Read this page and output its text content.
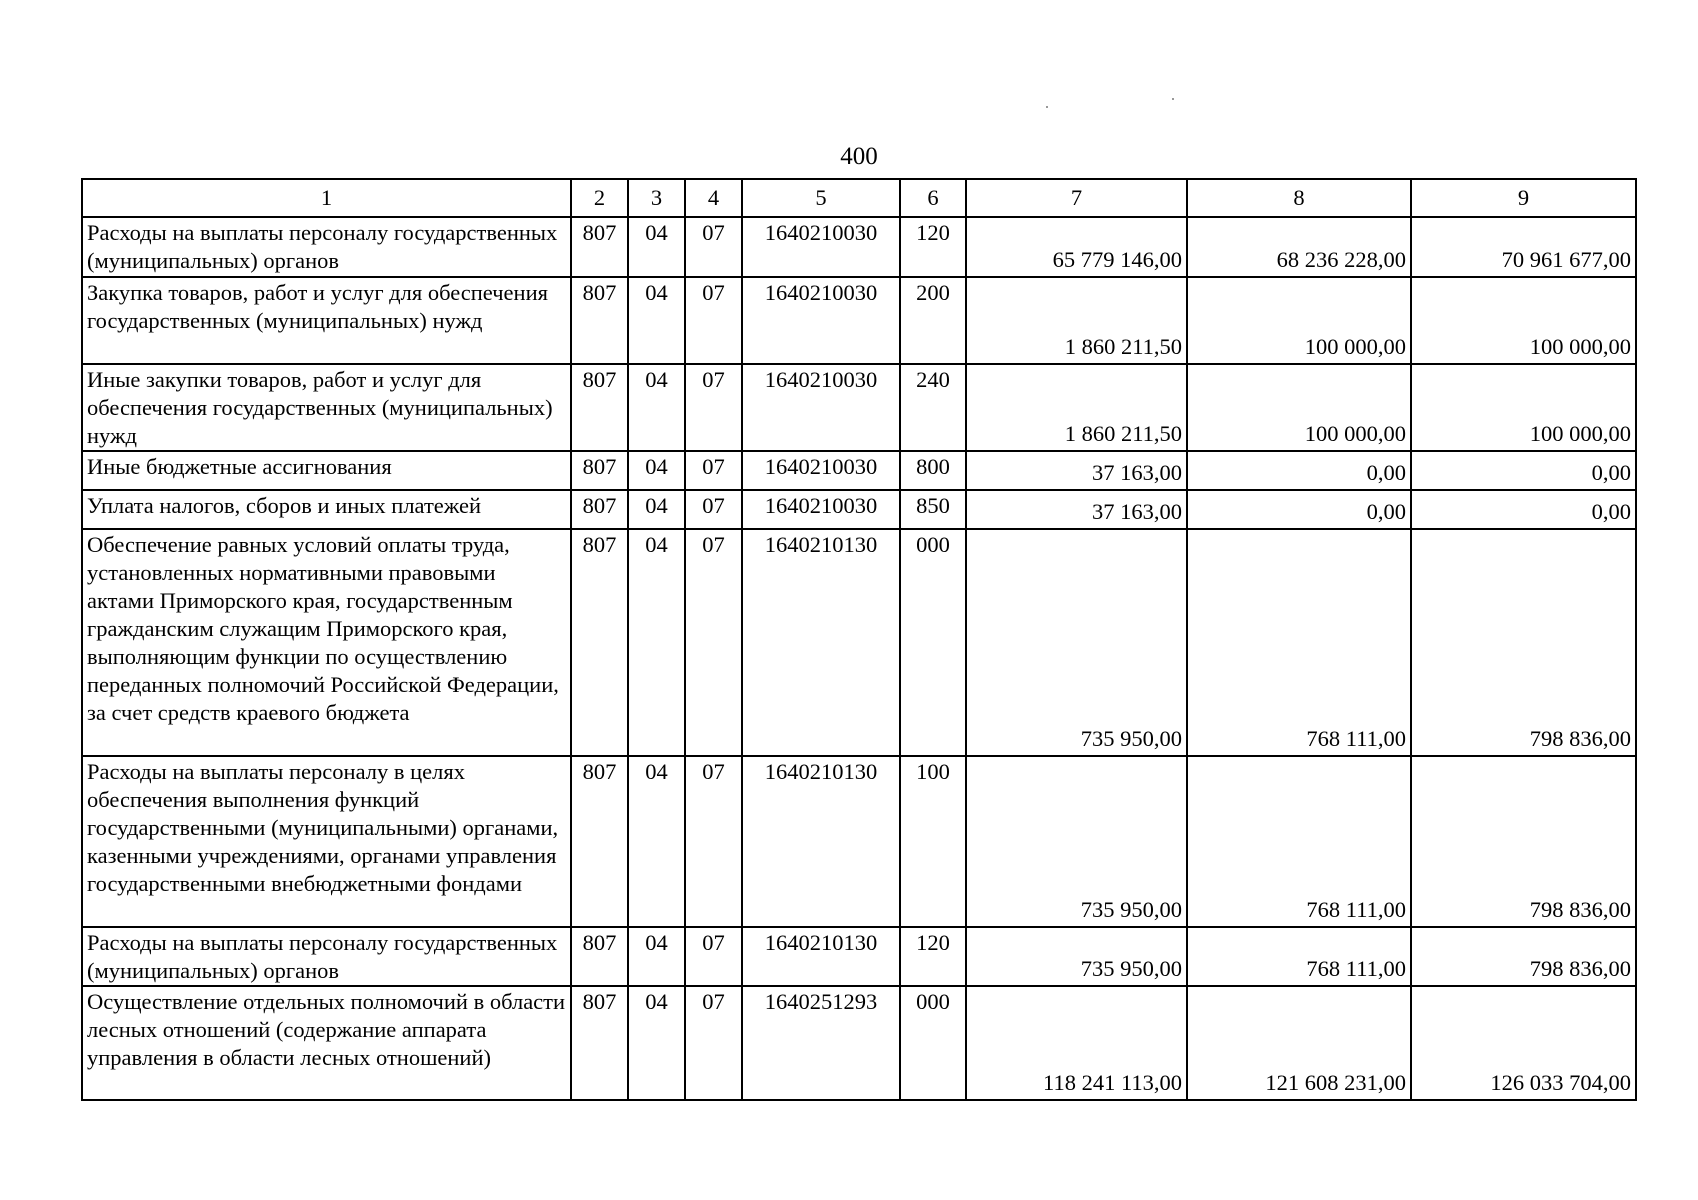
400
1	2	3	4	5	6	7	8	9
Расходы на выплаты персоналу государственных (муниципальных) органов	807	04	07	1640210030	120	65 779 146,00	68 236 228,00	70 961 677,00
Закупка товаров, работ и услуг для обеспечения государственных (муниципальных) нужд	807	04	07	1640210030	200	1 860 211,50	100 000,00	100 000,00
Иные закупки товаров, работ и услуг для обеспечения государственных (муниципальных) нужд	807	04	07	1640210030	240	1 860 211,50	100 000,00	100 000,00
Иные бюджетные ассигнования	807	04	07	1640210030	800	37 163,00	0,00	0,00
Уплата налогов, сборов и иных платежей	807	04	07	1640210030	850	37 163,00	0,00	0,00
Обеспечение равных условий оплаты труда, установленных нормативными правовыми актами Приморского края, государственным гражданским служащим Приморского края, выполняющим функции по осуществлению переданных полномочий Российской Федерации, за счет средств краевого бюджета	807	04	07	1640210130	000	735 950,00	768 111,00	798 836,00
Расходы на выплаты персоналу в целях обеспечения выполнения функций государственными (муниципальными) органами, казенными учреждениями, органами управления государственными внебюджетными фондами	807	04	07	1640210130	100	735 950,00	768 111,00	798 836,00
Расходы на выплаты персоналу государственных (муниципальных) органов	807	04	07	1640210130	120	735 950,00	768 111,00	798 836,00
Осуществление отдельных полномочий в области лесных отношений (содержание аппарата управления в области лесных отношений)	807	04	07	1640251293	000	118 241 113,00	121 608 231,00	126 033 704,00
